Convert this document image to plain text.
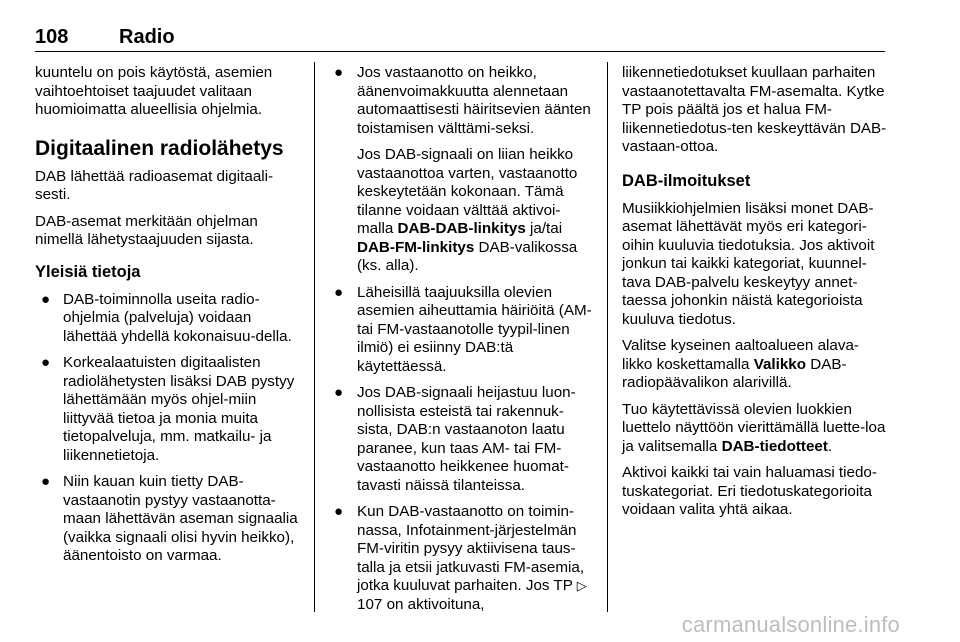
108	Radio

kuuntelu on pois käytöstä, asemien vaihtoehtoiset taajuudet valitaan huomioimatta alueellisia ohjelmia.

Digitaalinen radiolähetys

DAB lähettää radioasemat digitaali-sesti.

DAB-asemat merkitään ohjelman nimellä lähetystaajuuden sijasta.

Yleisiä tietoja
● DAB-toiminnolla useita radio-ohjelmia (palveluja) voidaan lähettää yhdellä kokonaisuu-della.
● Korkealaatuisten digitaalisten radiolähetysten lisäksi DAB pystyy lähettämään myös ohjel-miin liittyvää tietoa ja monia muita tietopalveluja, mm. matkailu- ja liikennetietoja.
● Niin kauan kuin tietty DAB-vastaanotin pystyy vastaanotta-maan lähettävän aseman signaalia (vaikka signaali olisi hyvin heikko), äänentoisto on varmaa.
● Jos vastaanotto on heikko, äänenvoimakkuutta alennetaan automaattisesti häiritsevien äänten toistamisen välttämi-seksi.
Jos DAB-signaali on liian heikko vastaanottoa varten, vastaanotto keskeytetään kokonaan. Tämä tilanne voidaan välttää aktivoi-malla DAB-DAB-linkitys ja/tai
DAB-FM-linkitys DAB-valikossa (ks. alla).
● Läheisillä taajuuksilla olevien asemien aiheuttamia häiriöitä (AM- tai FM-vastaanotolle tyypil-linen ilmiö) ei esiinny DAB:tä käytettäessä.
● Jos DAB-signaali heijastuu luon-nollisista esteistä tai rakennuk-sista, DAB:n vastaanoton laatu paranee, kun taas AM- tai FM-vastaanotto heikkenee huomat-tavasti näissä tilanteissa.
● Kun DAB-vastaanotto on toimin-nassa, Infotainment-järjestelmän FM-viritin pysyy aktiivisena taus-talla ja etsii jatkuvasti FM-asemia, jotka kuuluvat parhaiten. Jos TP ▷ 107 on aktivoituna,

liikennetiedotukset kuullaan parhaiten vastaanotettavalta FM-asemalta. Kytke TP pois päältä jos et halua FM-liikennetiedotus-ten keskeyttävän DAB-vastaan-ottoa.

DAB-ilmoitukset

Musiikkiohjelmien lisäksi monet DAB-asemat lähettävät myös eri kategori-oihin kuuluvia tiedotuksia. Jos aktivoit jonkun tai kaikki kategoriat, kuunnel-tava DAB-palvelu keskeytyy annet-taessa johonkin näistä kategorioista kuuluva tiedotus.

Valitse kyseinen aaltoalueen alava-likko koskettamalla Valikko DAB-radiopäävalikon alarivillä.

Tuo käytettävissä olevien luokkien luettelo näyttöön vierittämällä luette-loa ja valitsemalla DAB-tiedotteet.

Aktivoi kaikki tai vain haluamasi tiedo-tuskategoriat. Eri tiedotuskategorioita voidaan valita yhtä aikaa.

carmanualsonline.info
